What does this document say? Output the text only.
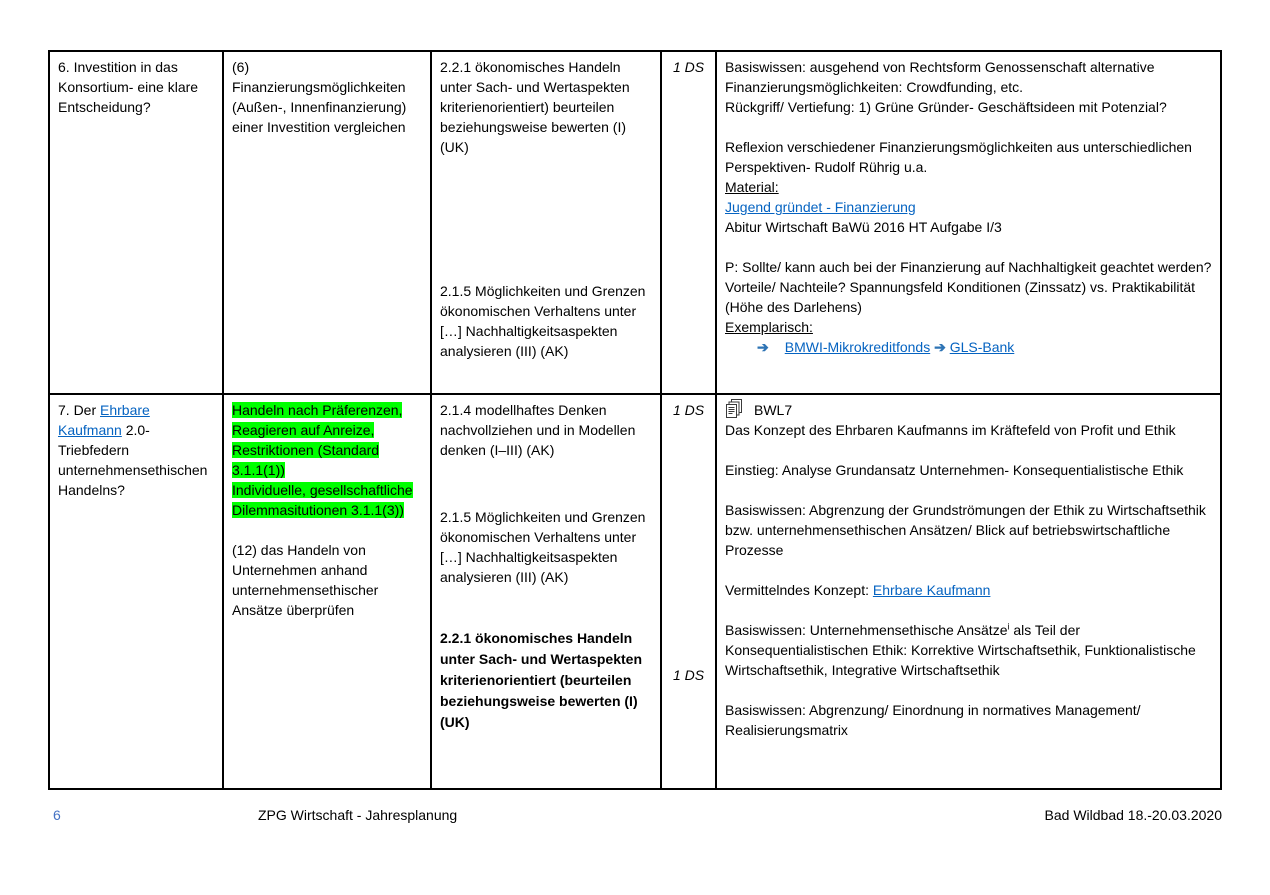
6. Investition in das Konsortium- eine klare Entscheidung?

(6) Finanzierungsmöglichkeiten (Außen-, Innenfinanzierung) einer Investition vergleichen

2.2.1 ökonomisches Handeln unter Sach- und Wertaspekten kriterienorientiert) beurteilen beziehungsweise bewerten (I) (UK)

2.1.5 Möglichkeiten und Grenzen ökonomischen Verhaltens unter […] Nachhaltigkeitsaspekten analysieren (III) (AK)

1 DS Basiswissen: ausgehend von Rechtsform Genossenschaft alternative Finanzierungsmöglichkeiten: Crowdfunding, etc.

Rückgriff/ Vertiefung: 1) Grüne Gründer- Geschäftsideen mit Potenzial?

Reflexion verschiedener Finanzierungsmöglichkeiten aus unterschiedlichen Perspektiven- Rudolf Rührig u.a.

Material:

Jugend gründet - Finanzierung

Abitur Wirtschaft BaWü 2016 HT Aufgabe I/3

P: Sollte/ kann auch bei der Finanzierung auf Nachhaltigkeit geachtet werden? Vorteile/ Nachteile? Spannungsfeld Konditionen (Zinssatz) vs. Praktikabilität (Höhe des Darlehens)

Exemplarisch:

➔ BMWI-Mikrokreditfonds ➔ GLS-Bank

7. Der Ehrbare Kaufmann 2.0- Triebfedern unternehmensethischen Handelns?

Handeln nach Präferenzen, Reagieren auf Anreize, Restriktionen (Standard 3.1.1(1))

Individuelle, gesellschaftliche Dilemmasitutionen 3.1.1(3))

(12) das Handeln von Unternehmen anhand unternehmensethischer Ansätze überprüfen

2.1.4 modellhaftes Denken nachvollziehen und in Modellen denken (I–III) (AK)

2.1.5 Möglichkeiten und Grenzen ökonomischen Verhaltens unter […] Nachhaltigkeitsaspekten analysieren (III) (AK)

2.2.1 ökonomisches Handeln unter Sach- und Wertaspekten kriterienorientiert (beurteilen beziehungsweise bewerten (I) (UK)

1 DS

1 DS

BWL7

Das Konzept des Ehrbaren Kaufmanns im Kräftefeld von Profit und Ethik

Einstieg: Analyse Grundansatz Unternehmen- Konsequentialistische Ethik

Basiswissen: Abgrenzung der Grundströmungen der Ethik zu Wirtschaftsethik bzw. unternehmensethischen Ansätzen/ Blick auf betriebswirtschaftliche Prozesse

Vermittelndes Konzept: Ehrbare Kaufmann

Basiswissen: Unternehmensethische Ansätze$^i$ als Teil der Konsequentialistischen Ethik: Korrektive Wirtschaftsethik, Funktionalistische Wirtschaftsethik, Integrative Wirtschaftsethik

Basiswissen: Abgrenzung/ Einordnung in normatives Management/ Realisierungsmatrix

6	ZPG Wirtschaft - Jahresplanung	Bad Wildbad 18.-20.03.2020
